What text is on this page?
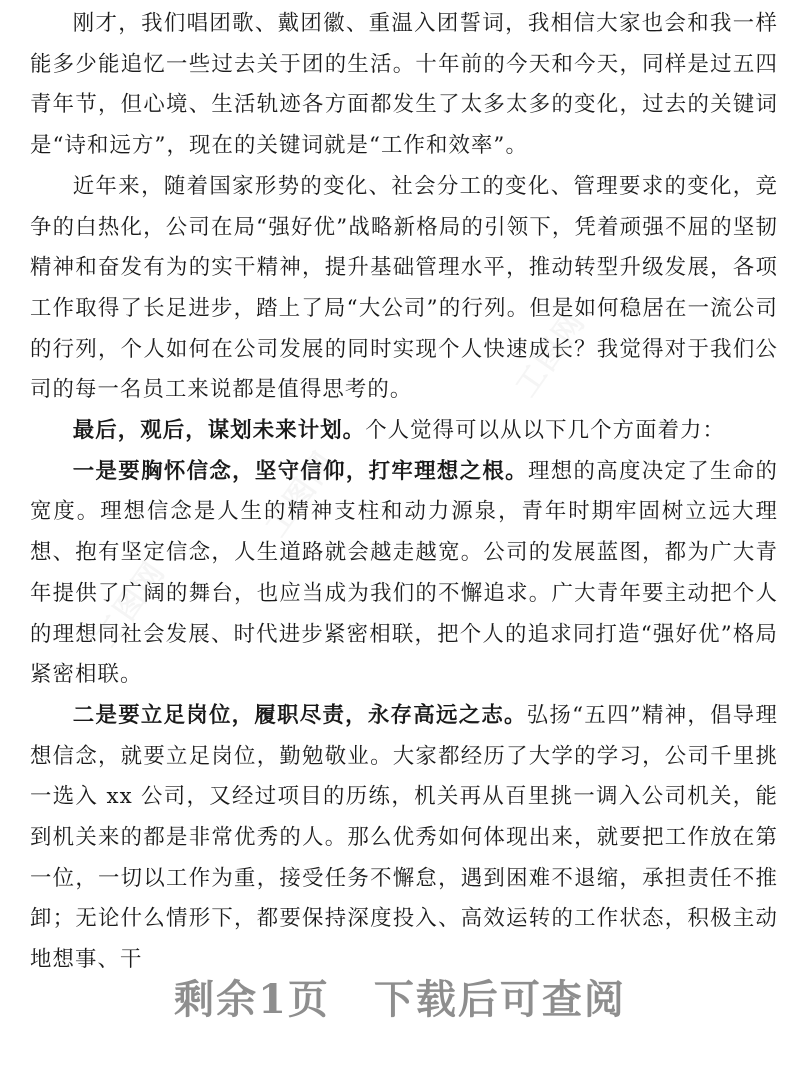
工图网
工图网
工图网

刚才，我们唱团歌、戴团徽、重温入团誓词，我相信大家也会和我一样能多少能追忆一些过去关于团的生活。十年前的今天和今天，同样是过五四青年节，但心境、生活轨迹各方面都发生了太多太多的变化，过去的关键词是“诗和远方”，现在的关键词就是“工作和效率”。

近年来，随着国家形势的变化、社会分工的变化、管理要求的变化，竞争的白热化，公司在局“强好优”战略新格局的引领下，凭着顽强不屈的坚韧精神和奋发有为的实干精神，提升基础管理水平，推动转型升级发展，各项工作取得了长足进步，踏上了局“大公司”的行列。但是如何稳居在一流公司的行列，个人如何在公司发展的同时实现个人快速成长？我觉得对于我们公司的每一名员工来说都是值得思考的。

最后，观后，谋划未来计划。个人觉得可以从以下几个方面着力：

一是要胸怀信念，坚守信仰，打牢理想之根。理想的高度决定了生命的宽度。理想信念是人生的精神支柱和动力源泉，青年时期牢固树立远大理想、抱有坚定信念，人生道路就会越走越宽。公司的发展蓝图，都为广大青年提供了广阔的舞台，也应当成为我们的不懈追求。广大青年要主动把个人的理想同社会发展、时代进步紧密相联，把个人的追求同打造“强好优”格局紧密相联。

二是要立足岗位，履职尽责，永存高远之志。弘扬“五四”精神，倡导理想信念，就要立足岗位，勤勉敬业。大家都经历了大学的学习，公司千里挑一选入 xx 公司，又经过项目的历练，机关再从百里挑一调入公司机关，能到机关来的都是非常优秀的人。那么优秀如何体现出来，就要把工作放在第一位，一切以工作为重，接受任务不懈怠，遇到困难不退缩，承担责任不推卸；无论什么情形下，都要保持深度投入、高效运转的工作状态，积极主动地想事、干

剩余1页 下载后可查阅
